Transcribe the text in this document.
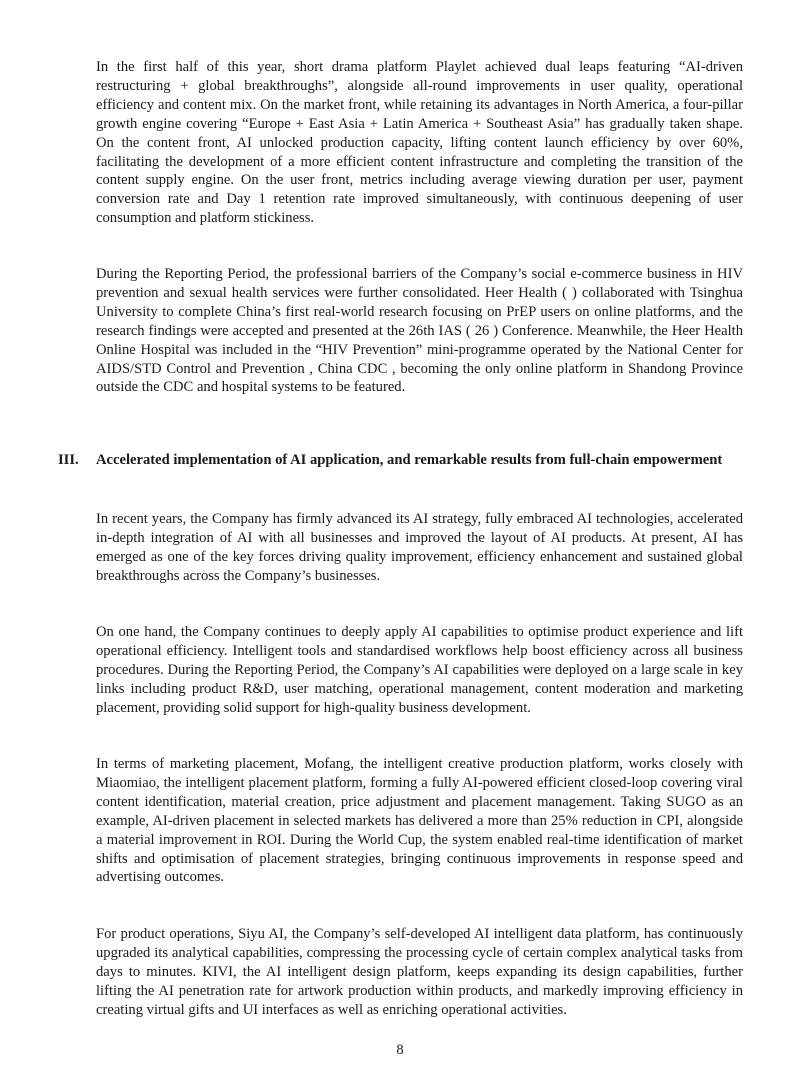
In the first half of this year, short drama platform Playlet achieved dual leaps featuring “AI-driven restructuring + global breakthroughs”, alongside all-round improvements in user quality, operational efficiency and content mix. On the market front, while retaining its advantages in North America, a four-pillar growth engine covering “Europe + East Asia + Latin America + Southeast Asia” has gradually taken shape. On the content front, AI unlocked production capacity, lifting content launch efficiency by over 60%, facilitating the development of a more efficient content infrastructure and completing the transition of the content supply engine. On the user front, metrics including average viewing duration per user, payment conversion rate and Day 1 retention rate improved simultaneously, with continuous deepening of user consumption and platform stickiness.

During the Reporting Period, the professional barriers of the Company’s social e-commerce business in HIV prevention and sexual health services were further consolidated. Heer Health ( ) collaborated with Tsinghua University to complete China’s first real-world research focusing on PrEP users on online platforms, and the research findings were accepted and presented at the 26th IAS ( 26 ) Conference. Meanwhile, the Heer Health Online Hospital was included in the “HIV Prevention” mini-programme operated by the National Center for AIDS/STD Control and Prevention , China CDC , becoming the only online platform in Shandong Province outside the CDC and hospital systems to be featured.

III. Accelerated implementation of AI application, and remarkable results from full-chain empowerment

In recent years, the Company has firmly advanced its AI strategy, fully embraced AI technologies, accelerated in-depth integration of AI with all businesses and improved the layout of AI products. At present, AI has emerged as one of the key forces driving quality improvement, efficiency enhancement and sustained global breakthroughs across the Company’s businesses.

On one hand, the Company continues to deeply apply AI capabilities to optimise product experience and lift operational efficiency. Intelligent tools and standardised workflows help boost efficiency across all business procedures. During the Reporting Period, the Company’s AI capabilities were deployed on a large scale in key links including product R&D, user matching, operational management, content moderation and marketing placement, providing solid support for high-quality business development.

In terms of marketing placement, Mofang, the intelligent creative production platform, works closely with Miaomiao, the intelligent placement platform, forming a fully AI-powered efficient closed-loop covering viral content identification, material creation, price adjustment and placement management. Taking SUGO as an example, AI-driven placement in selected markets has delivered a more than 25% reduction in CPI, alongside a material improvement in ROI. During the World Cup, the system enabled real-time identification of market shifts and optimisation of placement strategies, bringing continuous improvements in response speed and advertising outcomes.

For product operations, Siyu AI, the Company’s self-developed AI intelligent data platform, has continuously upgraded its analytical capabilities, compressing the processing cycle of certain complex analytical tasks from days to minutes. KIVI, the AI intelligent design platform, keeps expanding its design capabilities, further lifting the AI penetration rate for artwork production within products, and markedly improving efficiency in creating virtual gifts and UI interfaces as well as enriching operational activities.

8
